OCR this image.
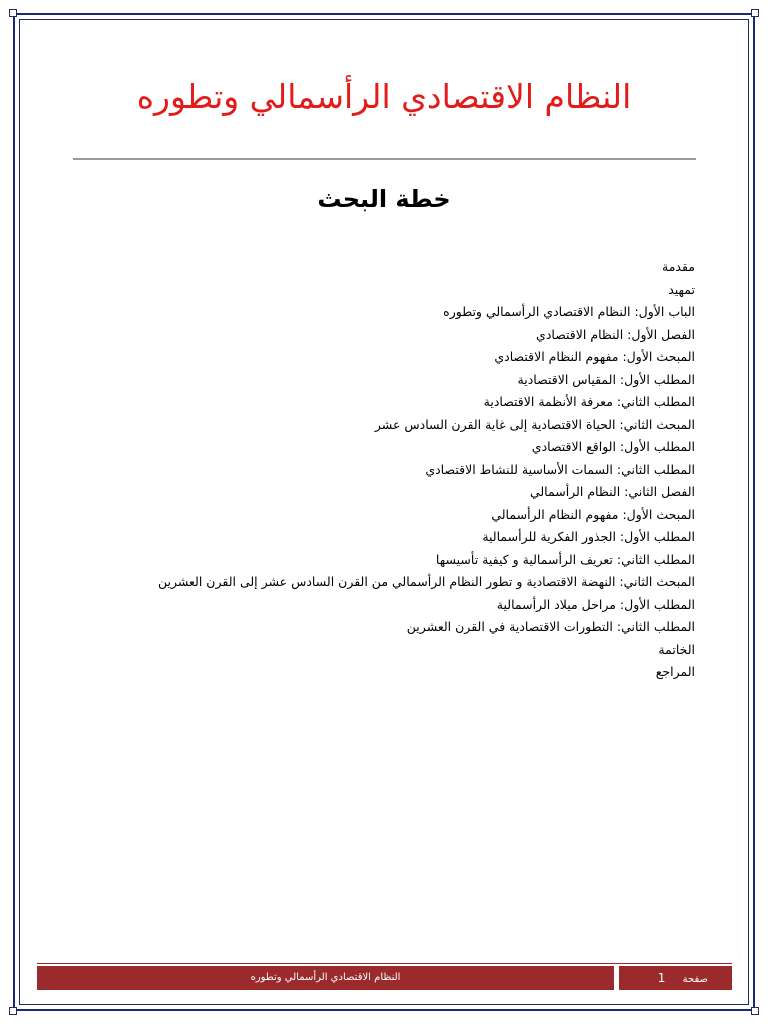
النظام الاقتصادي الرأسمالي وتطوره
خطة البحث
مقدمة
تمهيد
الباب الأول: النظام الاقتصادي الرأسمالي وتطوره
الفصل الأول: النظام الاقتصادي
المبحث الأول: مفهوم النظام الاقتصادي
المطلب الأول: المقياس الاقتصادية
المطلب الثاني: معرفة الأنظمة الاقتصادية
المبحث الثاني: الحياة الاقتصادية إلى غاية القرن السادس عشر
المطلب الأول: الواقع الاقتصادي
المطلب الثاني: السمات الأساسية للنشاط الاقتصادي
الفصل الثاني: النظام الرأسمالي
المبحث الأول: مفهوم النظام الرأسمالي
المطلب الأول: الجذور الفكرية للرأسمالية
المطلب الثاني: تعريف الرأسمالية و كيفية تأسيسها
المبحث الثاني: النهضة الاقتصادية و تطور النظام الرأسمالي من القرن السادس عشر إلى القرن العشرين
المطلب الأول: مراحل ميلاد الرأسمالية
المطلب الثاني: التطورات الاقتصادية في القرن العشرين
الخاتمة
المراجع
النظام الاقتصادي الرأسمالي وتطوره	صفحة 1
